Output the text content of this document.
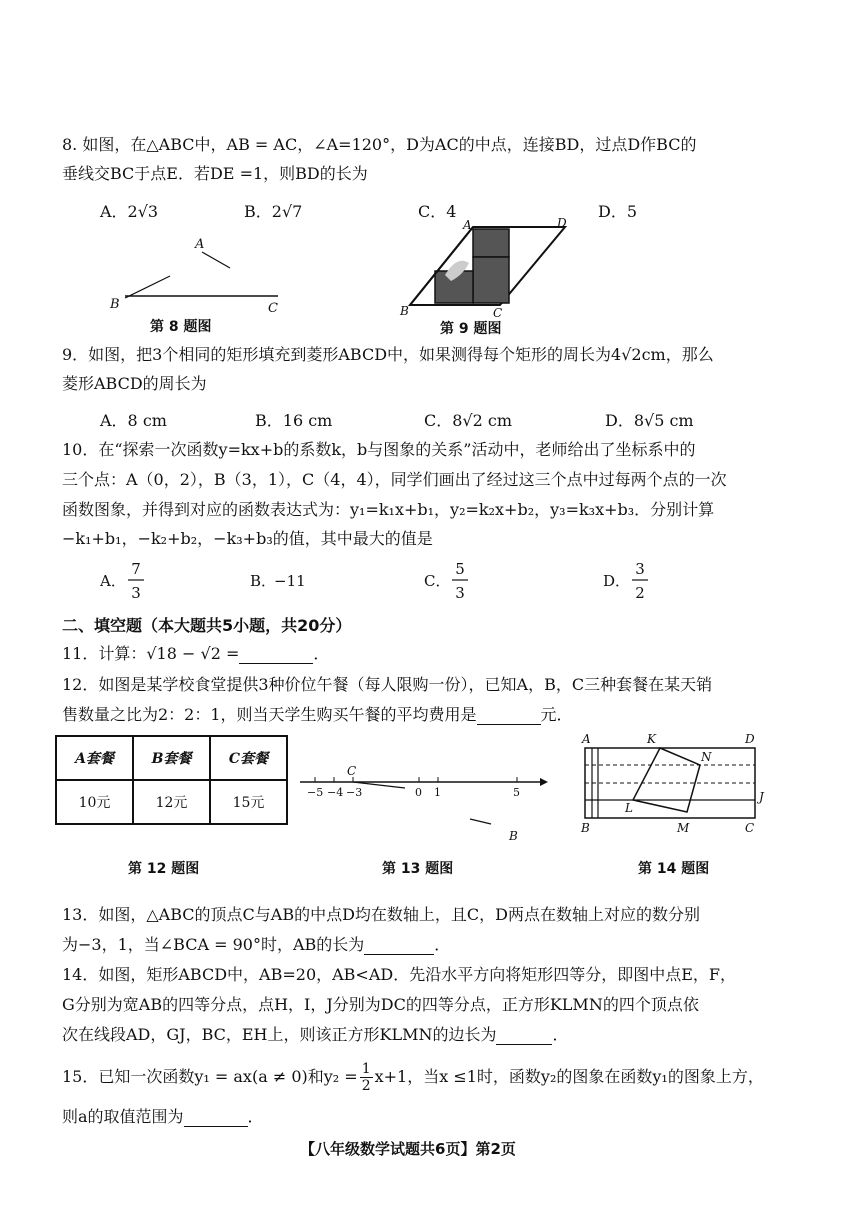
8. 如图，在△ABC中，AB = AC，∠A=120°，D为AC的中点，连接BD，过点D作BC的
垂线交BC于点E．若DE =1，则BD的长为
A．2√3	B．2√7	C．4	D．5
A
B	C
第 8 题图
A	D
B	C
第 9 题图
9．如图，把3个相同的矩形填充到菱形ABCD中，如果测得每个矩形的周长为4√2cm，那么
菱形ABCD的周长为
A．8 cm	B．16 cm	C．8√2 cm	D．8√5 cm
10．在“探索一次函数y=kx+b的系数k，b与图象的关系”活动中，老师给出了坐标系中的
三个点：A（0，2），B（3，1），C（4，4），同学们画出了经过这三个点中过每两个点的一次
函数图象，并得到对应的函数表达式为：y₁=k₁x+b₁，y₂=k₂x+b₂，y₃=k₃x+b₃．分别计算
−k₁+b₁，−k₂+b₂，−k₃+b₃的值，其中最大的值是
A．
7
3
B．
−11	C．
5
3
D．
3
2
二、填空题（本大题共5小题，共20分）
11．计算：√18 − √2 =	．
12．如图是某学校食堂提供3种价位午餐（每人限购一份），已知A，B，C三种套餐在某天销
售数量之比为2：2：1，则当天学生购买午餐的平均费用是	元．
A套餐	B套餐	C套餐
10元	12元	15元
第 12 题图
C
−5 −4 −3	0 1	5
B
第 13 题图
A	K	D
N
J
L
B	M	C
第 14 题图
13．如图，△ABC的顶点C与AB的中点D均在数轴上，且C，D两点在数轴上对应的数分别
为−3，1，当∠BCA = 90°时，AB的长为	．
14．如图，矩形ABCD中，AB=20，AB<AD．先沿水平方向将矩形四等分，即图中点E，F，
G分别为宽AB的四等分点，点H，I，J分别为DC的四等分点，正方形KLMN的四个顶点依
次在线段AD，GJ，BC，EH上，则该正方形KLMN的边长为	．
15．已知一次函数y₁ = ax(a ≠ 0)和$y_2 = \frac{1}{2} x+1$，当x ≤1时，函数y₂的图象在函数y₁的图象上方，
则a的取值范围为	．
【八年级数学试题共6页】第2页
